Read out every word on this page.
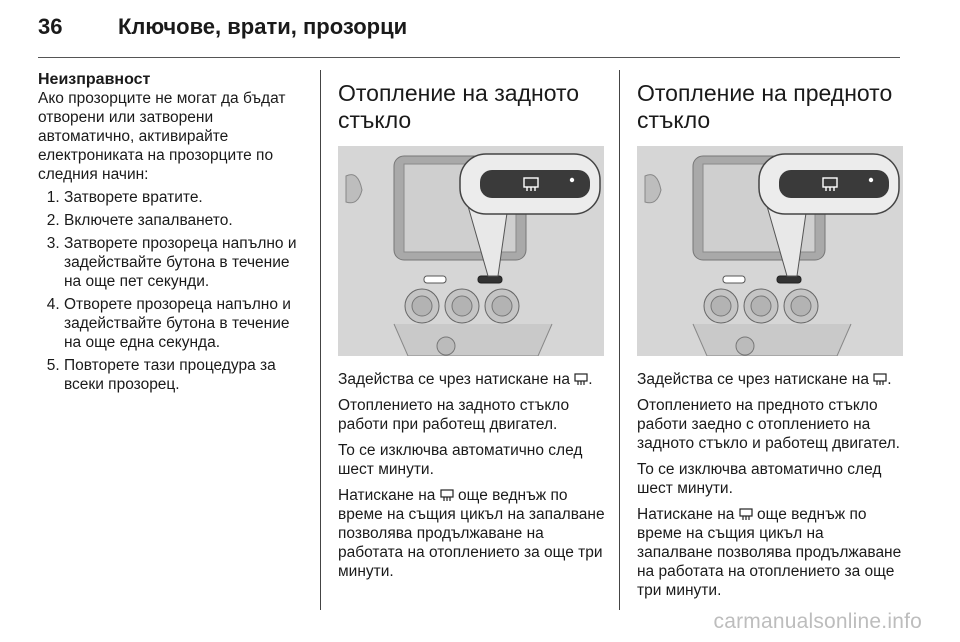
36	Ключове, врати, прозорци

Неизправност

Ако прозорците не могат да бъдат отворени или затворени автоматично, активирайте електрониката на прозорците по следния начин:

1. Затворете вратите.
2. Включете запалването.
3. Затворете прозореца напълно и задействайте бутона в течение на още пет секунди.
4. Отворете прозореца напълно и задействайте бутона в течение на още една секунда.
5. Повторете тази процедура за всеки прозорец.
Отопление на задното стъкло

Задейства се чрез натискане на .

Отоплението на задното стъкло работи при работещ двигател.

То се изключва автоматично след шест минути.

Натискане на още веднъж по време на същия цикъл на запалване позволява продължаване на работата на отоплението за още три минути.

Отопление на предното стъкло

Задейства се чрез натискане на .

Отоплението на предното стъкло работи заедно с отоплението на задното стъкло и работещ двигател.

То се изключва автоматично след шест минути.

Натискане на още веднъж по време на същия цикъл на запалване позволява продължаване на работата на отоплението за още три минути.

carmanualsonline.info
